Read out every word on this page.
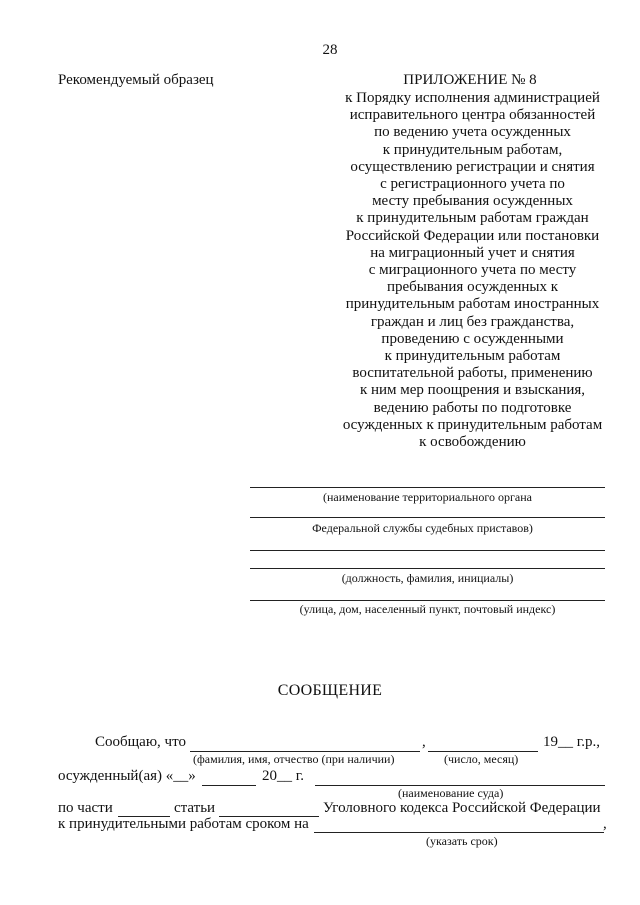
28
Рекомендуемый образец	ПРИЛОЖЕНИЕ № 8
к Порядку исполнения администрацией
исправительного центра обязанностей
по ведению учета осужденных
к принудительным работам,
осуществлению регистрации и снятия
с регистрационного учета по
месту пребывания осужденных
к принудительным работам граждан
Российской Федерации или постановки
на миграционный учет и снятия
с миграционного учета по месту
пребывания осужденных к
принудительным работам иностранных
граждан и лиц без гражданства,
проведению с осужденными
к принудительным работам
воспитательной работы, применению
к ним мер поощрения и взыскания,
ведению работы по подготовке
осужденных к принудительным работам
к освобождению
(наименование территориального органа
Федеральной службы судебных приставов)
(должность, фамилия, инициалы)
(улица, дом, населенный пункт, почтовый индекс)
СООБЩЕНИЕ
Сообщаю, что	,	19__ г.р.,
(фамилия, имя, отчество (при наличии)	(число, месяц)
осужденный(ая) «__»	20__ г.
(наименование суда)
по части	статьи	Уголовного кодекса Российской Федерации
к принудительными работам сроком на	,
(указать срок)
